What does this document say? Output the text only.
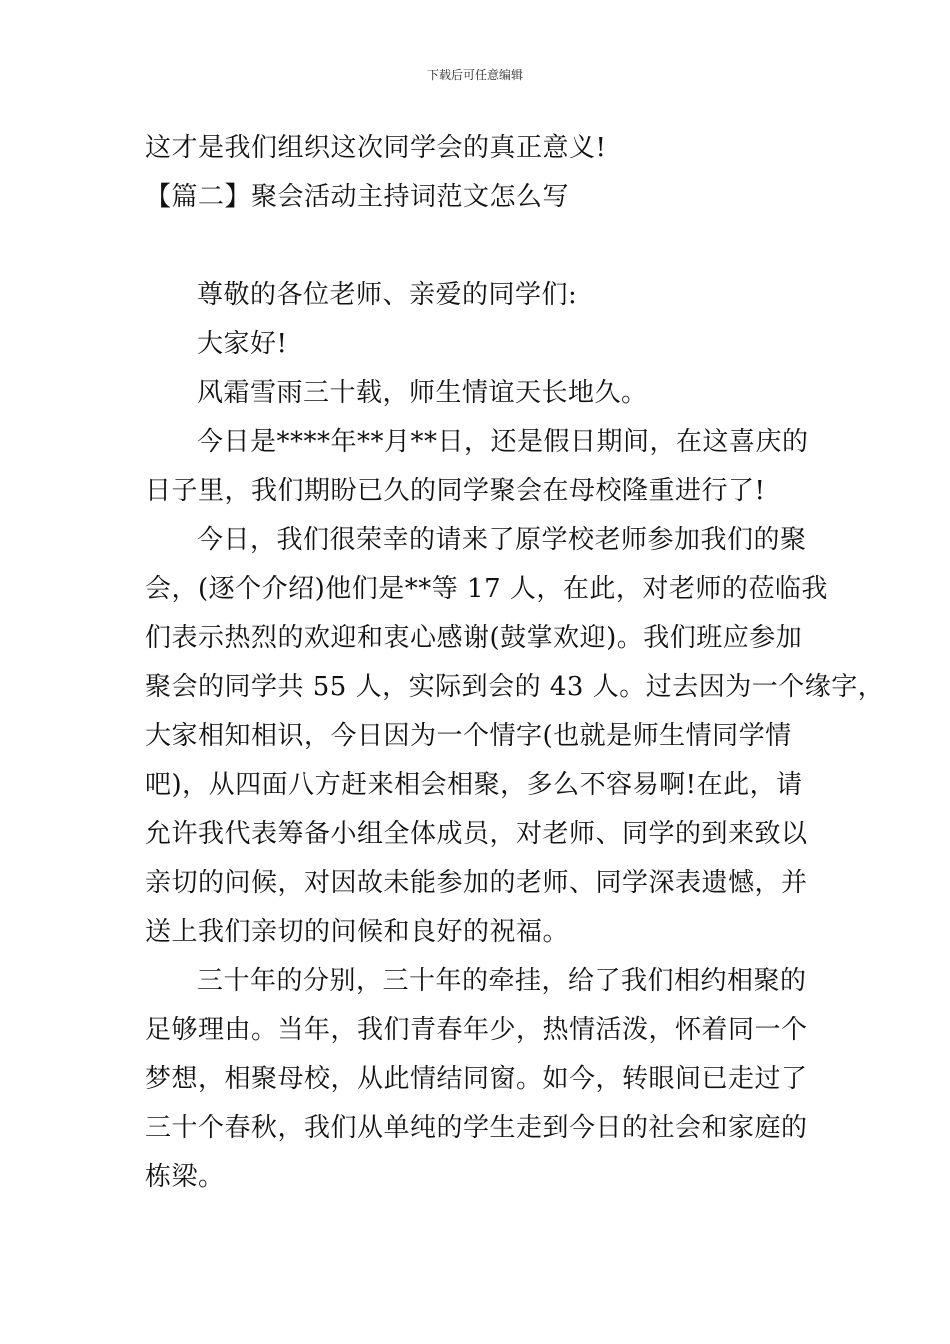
下载后可任意编辑
这才是我们组织这次同学会的真正意义!
【篇二】聚会活动主持词范文怎么写
尊敬的各位老师、亲爱的同学们:
大家好!
风霜雪雨三十载，师生情谊天长地久。
今日是****年**月**日，还是假日期间，在这喜庆的
日子里，我们期盼已久的同学聚会在母校隆重进行了!
今日，我们很荣幸的请来了原学校老师参加我们的聚
会，(逐个介绍)他们是**等 17 人，在此，对老师的莅临我
们表示热烈的欢迎和衷心感谢(鼓掌欢迎)。我们班应参加
聚会的同学共 55 人，实际到会的 43 人。过去因为一个缘字，
大家相知相识，今日因为一个情字(也就是师生情同学情
吧)，从四面八方赶来相会相聚，多么不容易啊!在此，请
允许我代表筹备小组全体成员，对老师、同学的到来致以
亲切的问候，对因故未能参加的老师、同学深表遗憾，并
送上我们亲切的问候和良好的祝福。
三十年的分别，三十年的牵挂，给了我们相约相聚的
足够理由。当年，我们青春年少，热情活泼，怀着同一个
梦想，相聚母校，从此情结同窗。如今，转眼间已走过了
三十个春秋，我们从单纯的学生走到今日的社会和家庭的
栋梁。
